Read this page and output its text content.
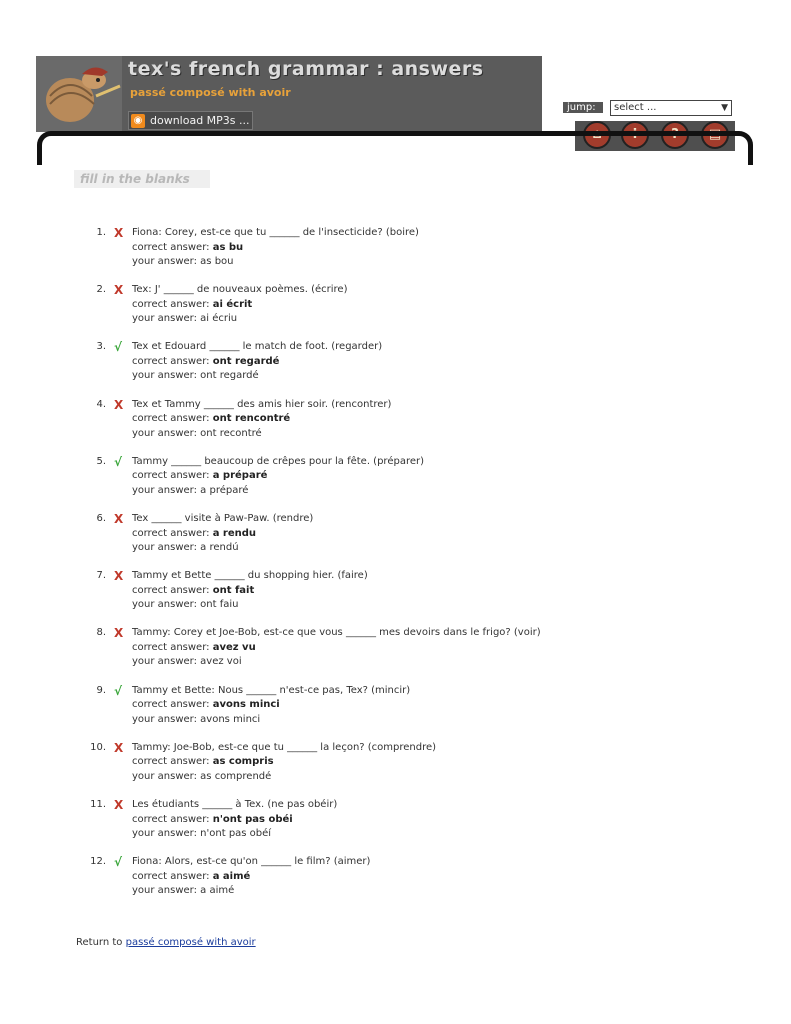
tex's french grammar : answers

passé composé with avoir

◉ download MP3s ...
jump:	select ...	▼
⌂	i	?	▤
fill in the blanks
1. X Fiona: Corey, est-ce que tu ______ de l'insecticide? (boire)
correct answer: as bu
your answer: as bou
2. X Tex: J' ______ de nouveaux poèmes. (écrire)
correct answer: ai écrit
your answer: ai écriu
3. √ Tex et Edouard ______ le match de foot. (regarder)
correct answer: ont regardé
your answer: ont regardé
4. X Tex et Tammy ______ des amis hier soir. (rencontrer)
correct answer: ont rencontré
your answer: ont recontré
5. √ Tammy ______ beaucoup de crêpes pour la fête. (préparer)
correct answer: a préparé
your answer: a préparé
6. X Tex ______ visite à Paw-Paw. (rendre)
correct answer: a rendu
your answer: a rendú
7. X Tammy et Bette ______ du shopping hier. (faire)
correct answer: ont fait
your answer: ont faiu
8. X Tammy: Corey et Joe-Bob, est-ce que vous ______ mes devoirs dans le frigo? (voir)
correct answer: avez vu
your answer: avez voi
9. √ Tammy et Bette: Nous ______ n'est-ce pas, Tex? (mincir)
correct answer: avons minci
your answer: avons minci
10. X Tammy: Joe-Bob, est-ce que tu ______ la leçon? (comprendre)
correct answer: as compris
your answer: as comprendé
11. X Les étudiants ______ à Tex. (ne pas obéir)
correct answer: n'ont pas obéi
your answer: n'ont pas obéí
12. √ Fiona: Alors, est-ce qu'on ______ le film? (aimer)
correct answer: a aimé
your answer: a aimé
Return to passé composé with avoir
